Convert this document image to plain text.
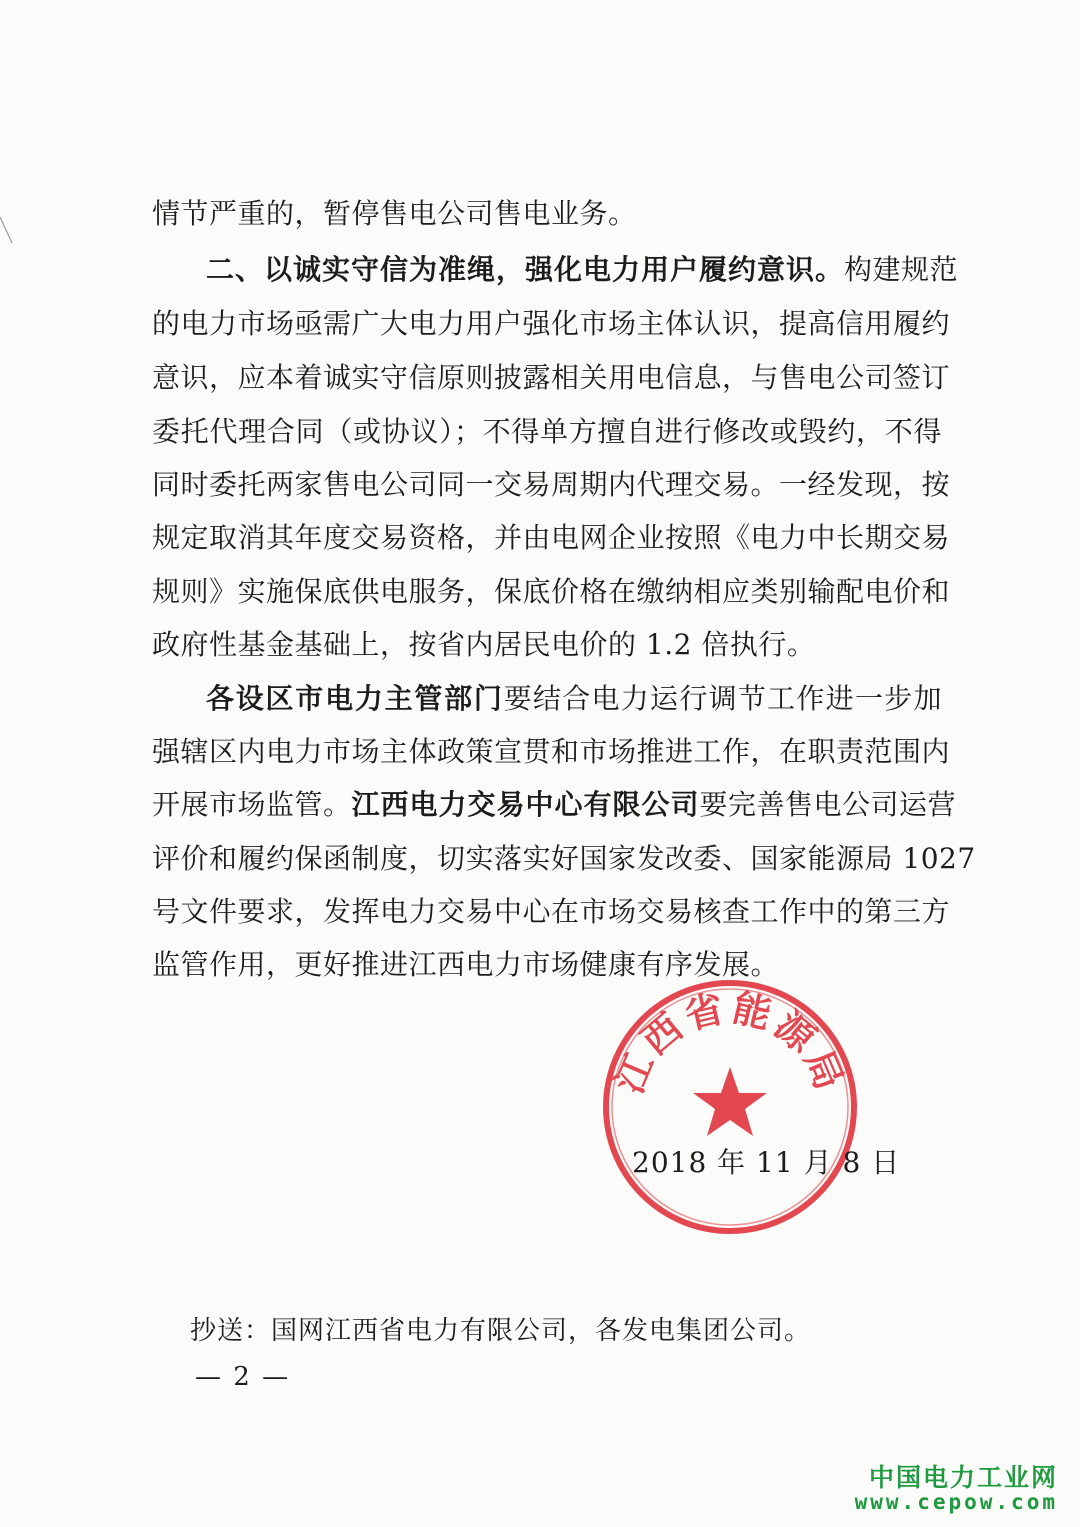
情节严重的，暂停售电公司售电业务。
二、以诚实守信为准绳，强化电力用户履约意识。构建规范
的电力市场亟需广大电力用户强化市场主体认识，提高信用履约
意识，应本着诚实守信原则披露相关用电信息，与售电公司签订
委托代理合同（或协议）；不得单方擅自进行修改或毁约，不得
同时委托两家售电公司同一交易周期内代理交易。一经发现，按
规定取消其年度交易资格，并由电网企业按照《电力中长期交易
规则》实施保底供电服务，保底价格在缴纳相应类别输配电价和
政府性基金基础上，按省内居民电价的 1.2 倍执行。
各设区市电力主管部门要结合电力运行调节工作进一步加
强辖区内电力市场主体政策宣贯和市场推进工作，在职责范围内
开展市场监管。江西电力交易中心有限公司要完善售电公司运营
评价和履约保函制度，切实落实好国家发改委、国家能源局 1027
号文件要求，发挥电力交易中心在市场交易核查工作中的第三方
监管作用，更好推进江西电力市场健康有序发展。
江西省能源局
2018 年 11 月 8 日
抄送：国网江西省电力有限公司，各发电集团公司。
— 2 —
中国电力工业网
www.cepow.com
